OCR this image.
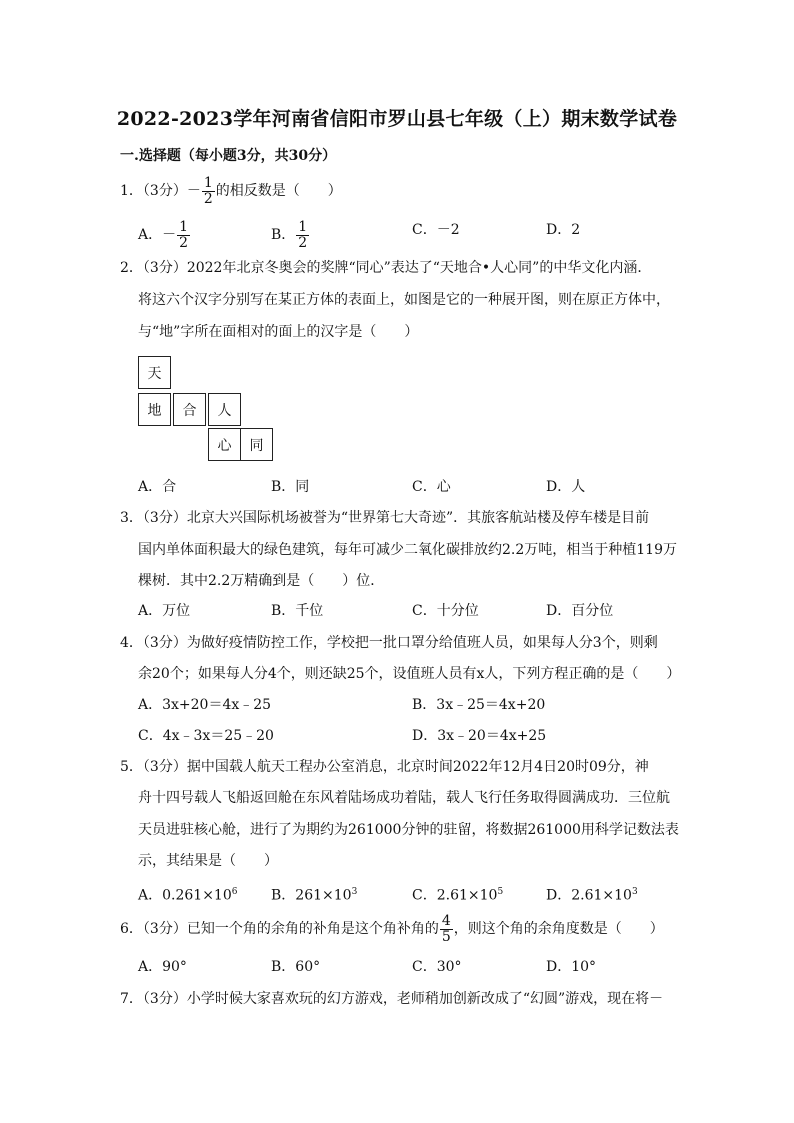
2022-2023学年河南省信阳市罗山县七年级（上）期末数学试卷
一.选择题（每小题3分，共30分）
1．（3分）－ $\frac{1}{2}$ 的相反数是（　　）
A．－ $\frac{1}{2}$	B． $\frac{1}{2}$	C．－2	D．2
2．（3分）2022年北京冬奥会的奖牌“同心”表达了“天地合•人心同”的中华文化内涵．
将这六个汉字分别写在某正方体的表面上，如图是它的一种展开图，则在原正方体中，
与“地”字所在面相对的面上的汉字是（　　）
天
地	合	人
心	同
A．合	B．同	C．心	D．人
3．（3分）北京大兴国际机场被誉为“世界第七大奇迹”．其旅客航站楼及停车楼是目前
国内单体面积最大的绿色建筑，每年可减少二氧化碳排放约2.2万吨，相当于种植119万
棵树．其中2.2万精确到是（　　）位．
A．万位	B．千位	C．十分位	D．百分位
4．（3分）为做好疫情防控工作，学校把一批口罩分给值班人员，如果每人分3个，则剩
余20个；如果每人分4个，则还缺25个，设值班人员有x人，下列方程正确的是（　　）
A．3x+20＝4x﹣25	B．3x﹣25＝4x+20
C．4x﹣3x＝25﹣20	D．3x﹣20＝4x+25
5．（3分）据中国载人航天工程办公室消息，北京时间2022年12月4日20时09分，神
舟十四号载人飞船返回舱在东风着陆场成功着陆，载人飞行任务取得圆满成功．三位航
天员进驻核心舱，进行了为期约为261000分钟的驻留，将数据261000用科学记数法表
示，其结果是（　　）
A．$0.261\times 10^6$ B．$261\times 10^3$	C．$2.61\times 10^5$	D．$2.61\times 10^3$
6．（3分）已知一个角的余角的补角是这个角补角的 $\frac{4}{5}$ ，则这个角的余角度数是（　　）
A．90°	B．60°	C．30°	D．10°
7．（3分）小学时候大家喜欢玩的幻方游戏，老师稍加创新改成了“幻圆”游戏，现在将－
